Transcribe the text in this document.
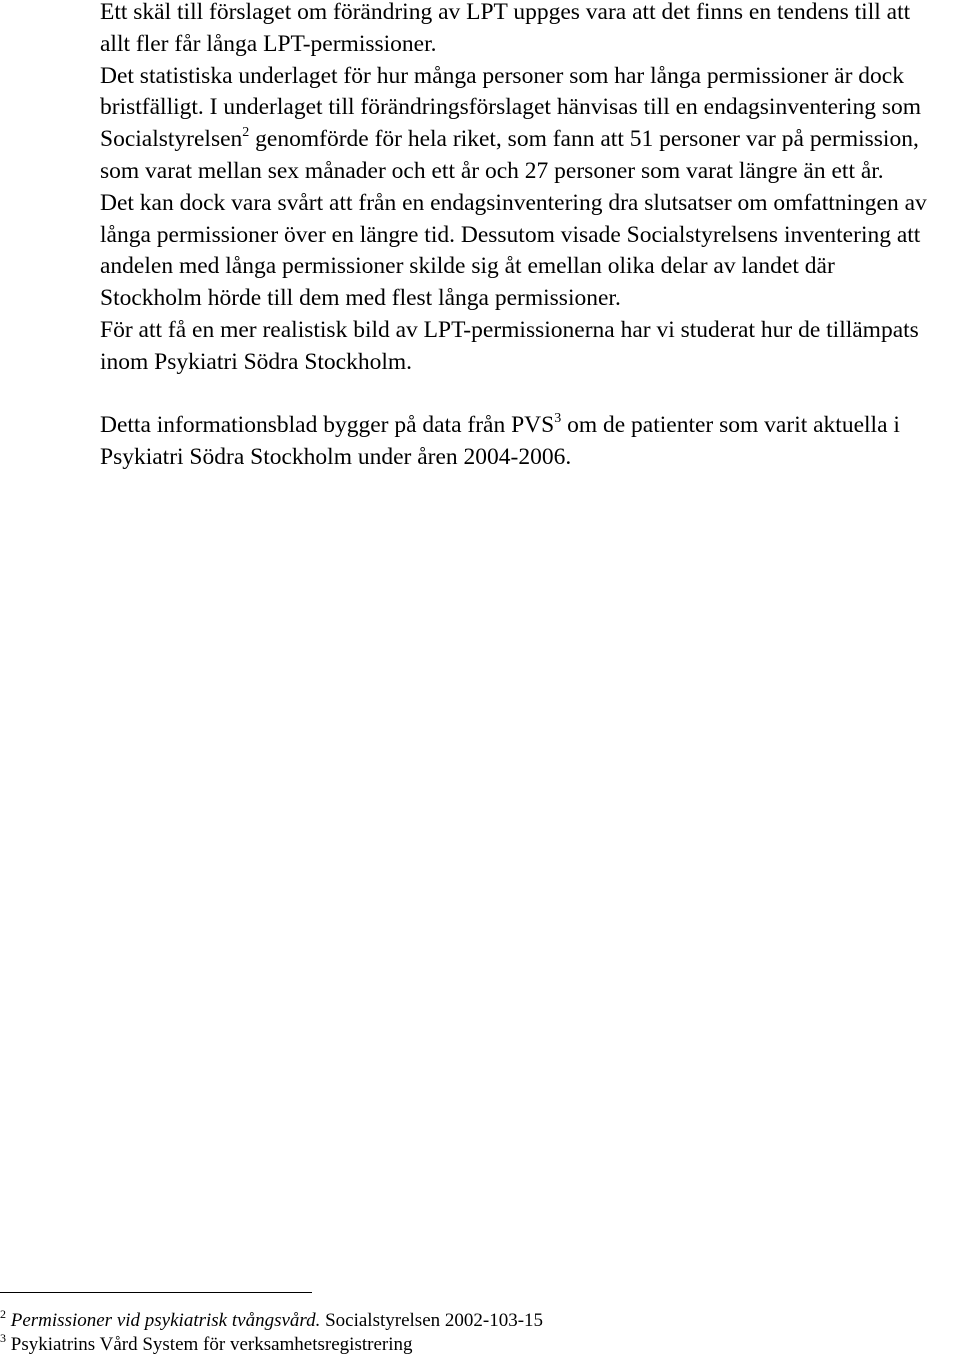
Ett skäl till förslaget om förändring av LPT uppges vara att det finns en tendens till att allt fler får långa LPT-permissioner.

Det statistiska underlaget för hur många personer som har långa permissioner är dock bristfälligt. I underlaget till förändringsförslaget hänvisas till en endagsinventering som Socialstyrelsen$^2$ genomförde för hela riket, som fann att 51 personer var på permission, som varat mellan sex månader och ett år och 27 personer som varat längre än ett år.

Det kan dock vara svårt att från en endagsinventering dra slutsatser om omfattningen av långa permissioner över en längre tid. Dessutom visade Socialstyrelsens inventering att andelen med långa permissioner skilde sig åt emellan olika delar av landet där Stockholm hörde till dem med flest långa permissioner.

För att få en mer realistisk bild av LPT-permissionerna har vi studerat hur de tillämpats inom Psykiatri Södra Stockholm.

Detta informationsblad bygger på data från PVS$^3$ om de patienter som varit aktuella i Psykiatri Södra Stockholm under åren 2004-2006.

$^2$ Permissioner vid psykiatrisk tvångsvård. Socialstyrelsen 2002-103-15

$^3$ Psykiatrins Vård System för verksamhetsregistrering
